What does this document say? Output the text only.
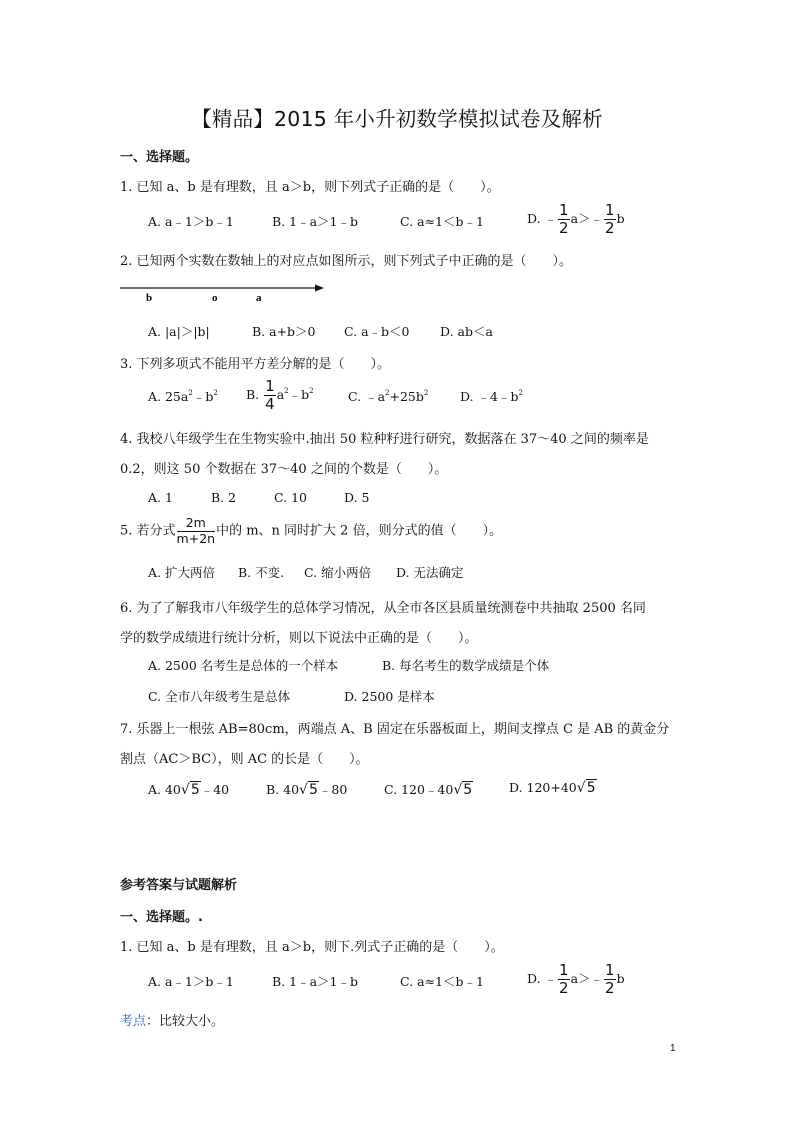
【精品】2015 年小升初数学模拟试卷及解析
一、选择题。
1. 已知 a、b 是有理数，且 a＞b，则下列式子正确的是（　　）。
A. a﹣1＞b﹣1	B. 1﹣a＞1﹣b	C. a≈1＜b﹣1	D. ﹣ $\frac{1}{2}$ a＞﹣ $\frac{1}{2}$ b
2. 已知两个实数在数轴上的对应点如图所示，则下列式子中正确的是（　　）。
b	o	a
A. |a|＞|b|	B. a+b＞0 C. a﹣b＜0 D. ab＜a
3. 下列多项式不能用平方差分解的是（　　）。
A. $25a^2﹣b^2$ B. $\frac{1}{4}$ $a^2﹣b^2$	C. $﹣a^2+25b^2$	D. $﹣4﹣b^2$
4. 我校八年级学生在生物实验中.抽出 50 粒种籽进行研究，数据落在 37～40 之间的频率是
0.2，则这 50 个数据在 37～40 之间的个数是（　　）。
A. 1	B. 2	C. 10	D. 5
5. 若分式 $\frac{2m}{m+2n}$ 中的 m、n 同时扩大 2 倍，则分式的值（　　）。
A. 扩大两倍 B. 不变. C. 缩小两倍 D. 无法确定
6. 为了了解我市八年级学生的总体学习情况，从全市各区县质量统测卷中共抽取 2500 名同
学的数学成绩进行统计分析，则以下说法中正确的是（　　）。
A. 2500 名考生是总体的一个样本	B. 每名考生的数学成绩是个体
C. 全市八年级考生是总体	D. 2500 是样本
7. 乐器上一根弦 AB=80cm，两端点 A、B 固定在乐器板面上，期间支撑点 C 是 AB 的黄金分
割点（AC＞BC），则 AC 的长是（　　）。
A. 40√5﹣40	B. 40√5﹣80	C. 120﹣40√5	D. 120+40√5
参考答案与试题解析
一、选择题。.
1. 已知 a、b 是有理数，且 a＞b，则下.列式子正确的是（　　）。
A. a﹣1＞b﹣1	B. 1﹣a＞1﹣b	C. a≈1＜b﹣1	D. ﹣ $\frac{1}{2}$ a＞﹣ $\frac{1}{2}$ b
考点：比较大小。
1
